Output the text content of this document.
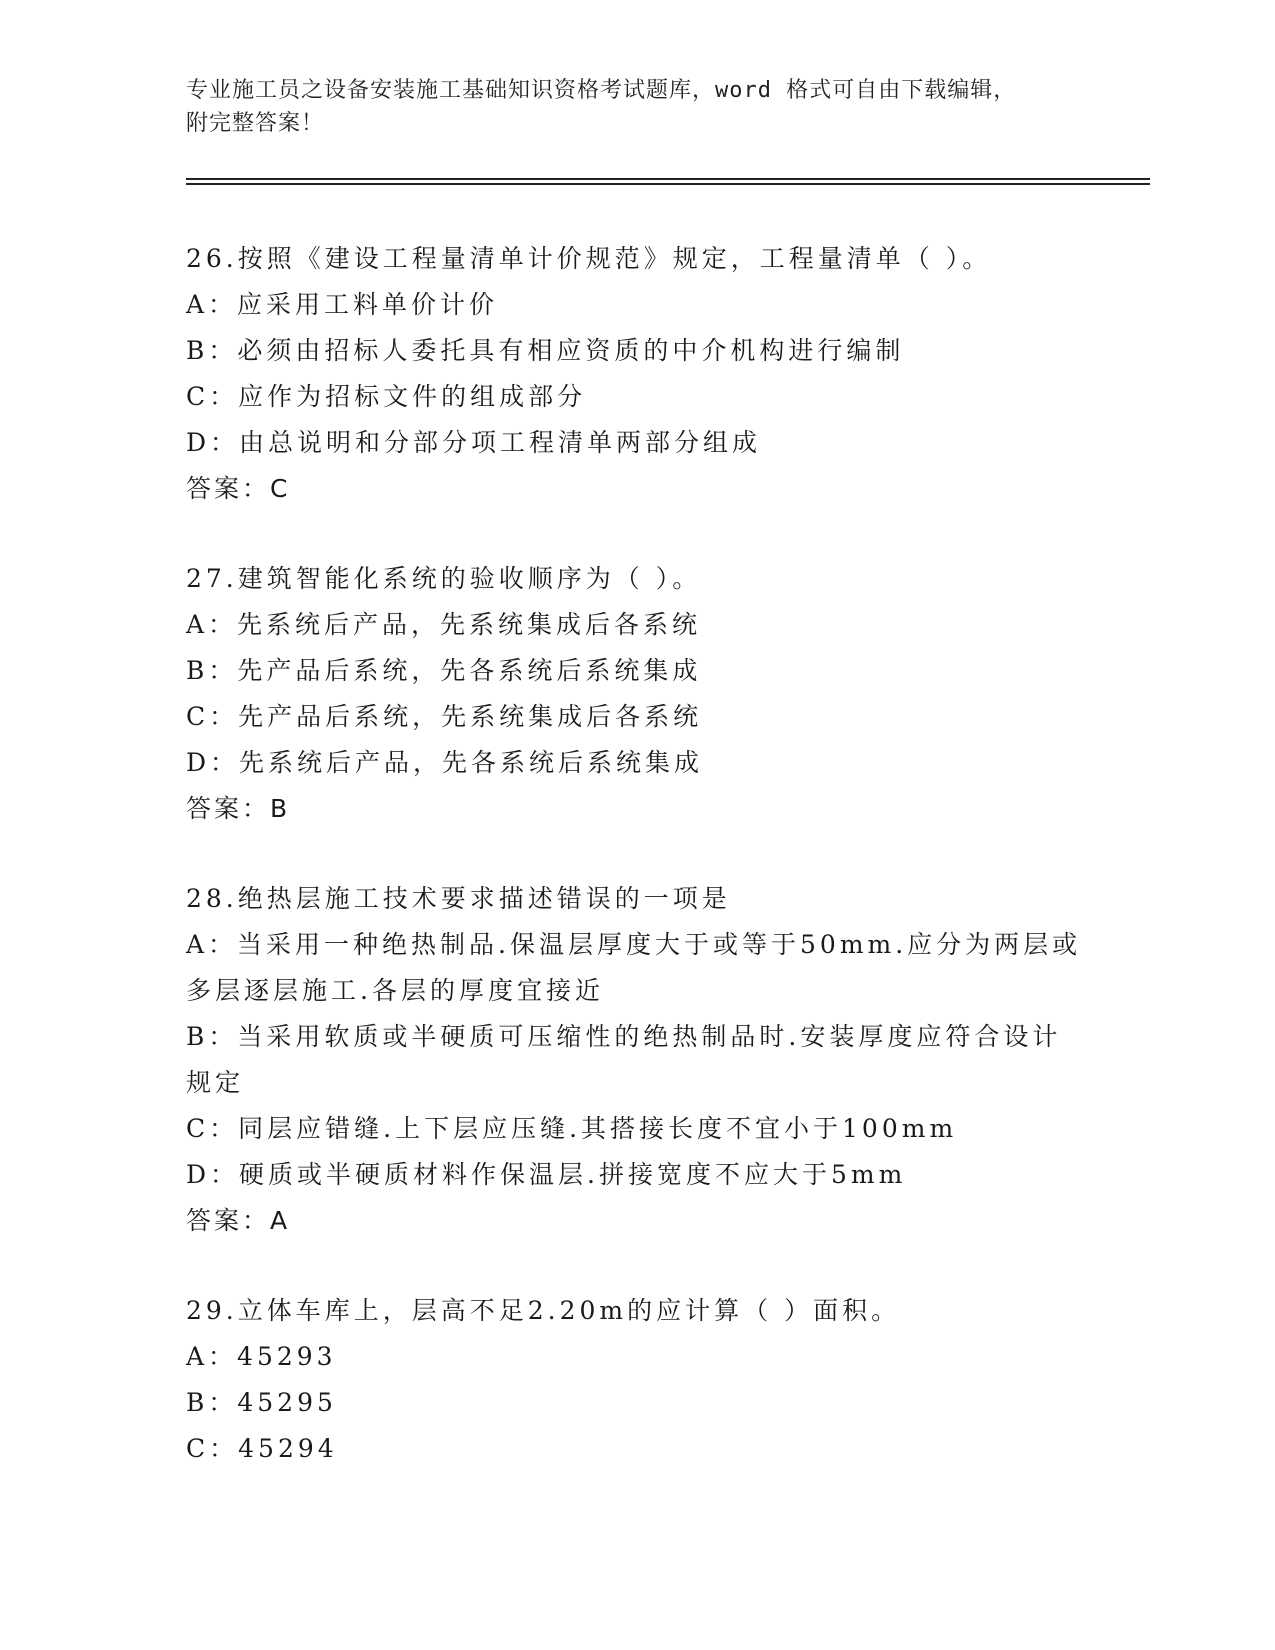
专业施工员之设备安装施工基础知识资格考试题库，word 格式可自由下载编辑，
附完整答案！
26.按照《建设工程量清单计价规范》规定，工程量清单（ ）。
A：应采用工料单价计价
B：必须由招标人委托具有相应资质的中介机构进行编制
C：应作为招标文件的组成部分
D：由总说明和分部分项工程清单两部分组成
答案：C
27.建筑智能化系统的验收顺序为（ ）。
A：先系统后产品，先系统集成后各系统
B：先产品后系统，先各系统后系统集成
C：先产品后系统，先系统集成后各系统
D：先系统后产品，先各系统后系统集成
答案：B
28.绝热层施工技术要求描述错误的一项是
A：当采用一种绝热制品.保温层厚度大于或等于50mm.应分为两层或多层逐层施工.各层的厚度宜接近
B：当采用软质或半硬质可压缩性的绝热制品时.安装厚度应符合设计规定
C：同层应错缝.上下层应压缝.其搭接长度不宜小于100mm
D：硬质或半硬质材料作保温层.拼接宽度不应大于5mm
答案：A
29.立体车库上，层高不足2.20m的应计算（ ）面积。
A：45293
B：45295
C：45294
